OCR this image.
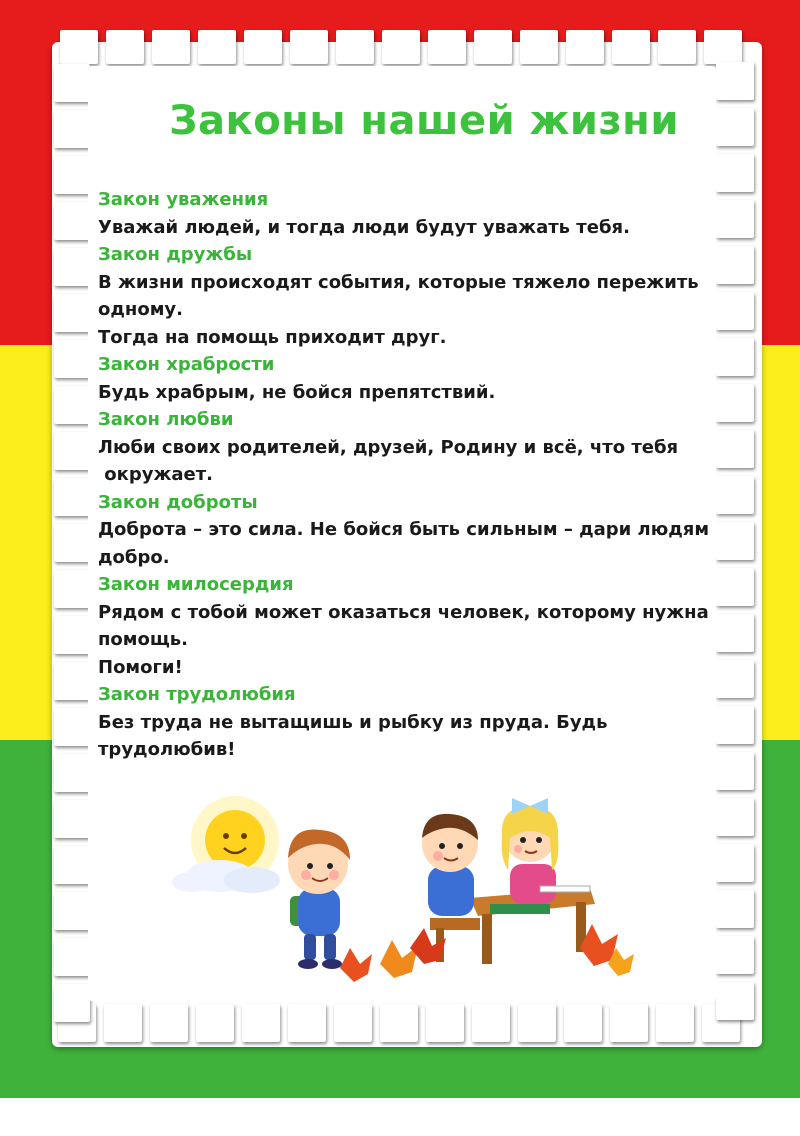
Законы нашей жизни
Закон уважения
Уважай людей, и тогда люди будут уважать тебя.
Закон дружбы
В жизни происходят события, которые тяжело пережить
одному.
Тогда на помощь приходит друг.
Закон храбрости
Будь храбрым, не бойся препятствий.
Закон любви
Люби своих родителей, друзей, Родину и всё, что тебя
окружает.
Закон доброты
Доброта – это сила. Не бойся быть сильным – дари людям
добро.
Закон милосердия
Рядом с тобой может оказаться человек, которому нужна
помощь.
Помоги!
Закон трудолюбия
Без труда не вытащишь и рыбку из пруда. Будь трудолюбив!
